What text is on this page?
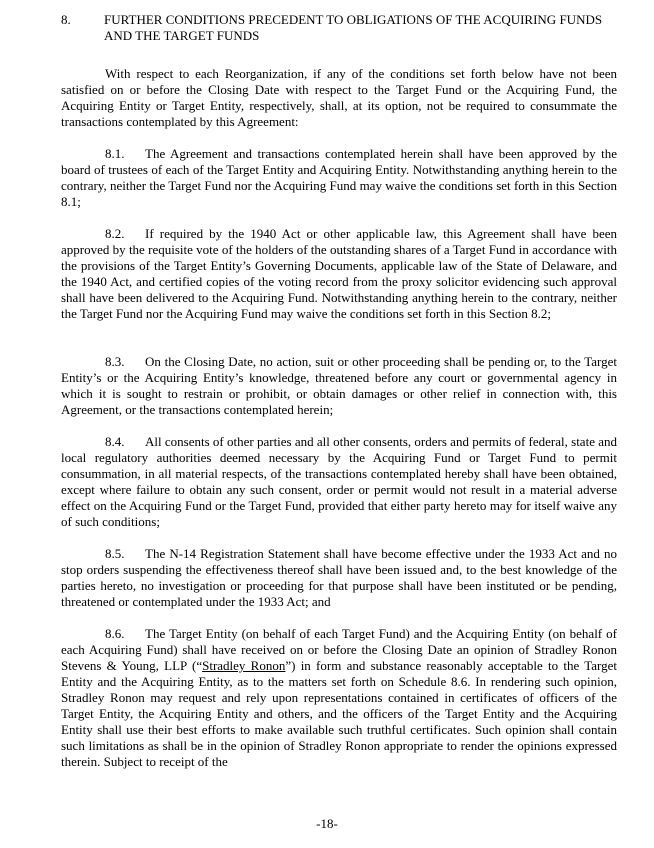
8.	FURTHER CONDITIONS PRECEDENT TO OBLIGATIONS OF THE ACQUIRING FUNDS AND THE TARGET FUNDS
With respect to each Reorganization, if any of the conditions set forth below have not been satisfied on or before the Closing Date with respect to the Target Fund or the Acquiring Fund, the Acquiring Entity or Target Entity, respectively, shall, at its option, not be required to consummate the transactions contemplated by this Agreement:
8.1. The Agreement and transactions contemplated herein shall have been approved by the board of trustees of each of the Target Entity and Acquiring Entity. Notwithstanding anything herein to the contrary, neither the Target Fund nor the Acquiring Fund may waive the conditions set forth in this Section 8.1;
8.2. If required by the 1940 Act or other applicable law, this Agreement shall have been approved by the requisite vote of the holders of the outstanding shares of a Target Fund in accordance with the provisions of the Target Entity’s Governing Documents, applicable law of the State of Delaware, and the 1940 Act, and certified copies of the voting record from the proxy solicitor evidencing such approval shall have been delivered to the Acquiring Fund. Notwithstanding anything herein to the contrary, neither the Target Fund nor the Acquiring Fund may waive the conditions set forth in this Section 8.2;
8.3. On the Closing Date, no action, suit or other proceeding shall be pending or, to the Target Entity’s or the Acquiring Entity’s knowledge, threatened before any court or governmental agency in which it is sought to restrain or prohibit, or obtain damages or other relief in connection with, this Agreement, or the transactions contemplated herein;
8.4. All consents of other parties and all other consents, orders and permits of federal, state and local regulatory authorities deemed necessary by the Acquiring Fund or Target Fund to permit consummation, in all material respects, of the transactions contemplated hereby shall have been obtained, except where failure to obtain any such consent, order or permit would not result in a material adverse effect on the Acquiring Fund or the Target Fund, provided that either party hereto may for itself waive any of such conditions;
8.5. The N-14 Registration Statement shall have become effective under the 1933 Act and no stop orders suspending the effectiveness thereof shall have been issued and, to the best knowledge of the parties hereto, no investigation or proceeding for that purpose shall have been instituted or be pending, threatened or contemplated under the 1933 Act; and
8.6. The Target Entity (on behalf of each Target Fund) and the Acquiring Entity (on behalf of each Acquiring Fund) shall have received on or before the Closing Date an opinion of Stradley Ronon Stevens & Young, LLP (“Stradley Ronon”) in form and substance reasonably acceptable to the Target Entity and the Acquiring Entity, as to the matters set forth on Schedule 8.6. In rendering such opinion, Stradley Ronon may request and rely upon representations contained in certificates of officers of the Target Entity, the Acquiring Entity and others, and the officers of the Target Entity and the Acquiring Entity shall use their best efforts to make available such truthful certificates. Such opinion shall contain such limitations as shall be in the opinion of Stradley Ronon appropriate to render the opinions expressed therein. Subject to receipt of the
-18-
